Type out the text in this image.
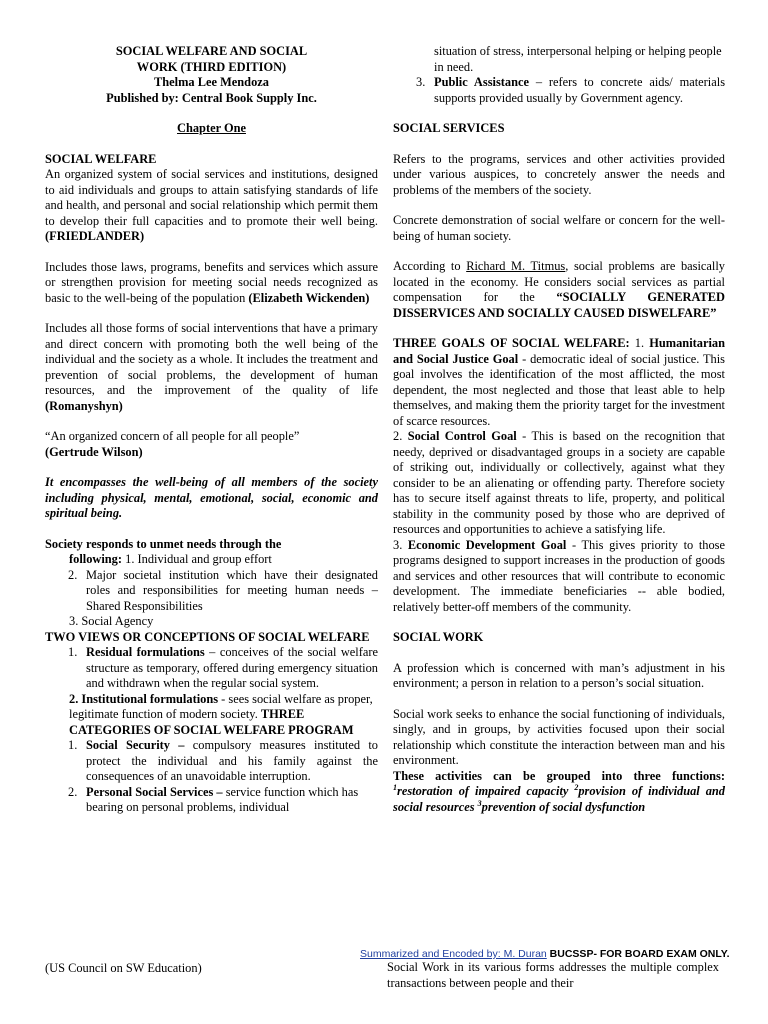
SOCIAL WELFARE AND SOCIAL

WORK (THIRD EDITION)

Thelma Lee Mendoza

Published by: Central Book Supply Inc.

Chapter One

SOCIAL WELFARE

An organized system of social services and institutions, designed to aid individuals and groups to attain satisfying standards of life and health, and personal and social relationship which permit them to develop their full capacities and to promote their well being.(FRIEDLANDER)

Includes those laws, programs, benefits and services which assure or strengthen provision for meeting social needs recognized as basic to the well-being of the population (Elizabeth Wickenden)

Includes all those forms of social interventions that have a primary and direct concern with promoting both the well being of the individual and the society as a whole. It includes the treatment and prevention of social problems, the development of human resources, and the improvement of the quality of life (Romanyshyn)

“An organized concern of all people for all people”

(Gertrude Wilson)

It encompasses the well-being of all members of the society including physical, mental, emotional, social, economic and spiritual being.

Society responds to unmet needs through the

following: 1. Individual and group effort

2. Major societal institution which have their designated roles and responsibilities for meeting human needs – Shared Responsibilities

3. Social Agency

TWO VIEWS OR CONCEPTIONS OF SOCIAL WELFARE

1. Residual formulations – conceives of the social welfare structure as temporary, offered during emergency situation and withdrawn when the regular social system.

2. Institutional formulations - sees social welfare as proper, legitimate function of modern society. THREE CATEGORIES OF SOCIAL WELFARE PROGRAM

1. Social Security – compulsory measures instituted to protect the individual and his family against the consequences of an unavoidable interruption.

2. Personal Social Services – service function which has bearing on personal problems, individual

situation of stress, interpersonal helping or helping people in need.

3. Public Assistance – refers to concrete aids/ materials supports provided usually by Government agency.

SOCIAL SERVICES

Refers to the programs, services and other activities provided under various auspices, to concretely answer the needs and problems of the members of the society.

Concrete demonstration of social welfare or concern for the well-being of human society.

According to Richard M. Titmus, social problems are basically located in the economy. He considers social services as partial compensation for the “SOCIALLY GENERATED DISSERVICES AND SOCIALLY CAUSED DISWELFARE”

THREE GOALS OF SOCIAL WELFARE: 1. Humanitarian and Social Justice Goal - democratic ideal of social justice. This goal involves the identification of the most afflicted, the most dependent, the most neglected and those that least able to help themselves, and making them the priority target for the investment of scarce resources.

2. Social Control Goal - This is based on the recognition that needy, deprived or disadvantaged groups in a society are capable of striking out, individually or collectively, against what they consider to be an alienating or offending party. Therefore society has to secure itself against threats to life, property, and political stability in the community posed by those who are deprived of resources and opportunities to achieve a satisfying life.

3. Economic Development Goal - This gives priority to those programs designed to support increases in the production of goods and services and other resources that will contribute to economic development. The immediate beneficiaries -- able bodied, relatively better-off members of the community.

SOCIAL WORK

A profession which is concerned with man’s adjustment in his environment; a person in relation to a person’s social situation.

Social work seeks to enhance the social functioning of individuals, singly, and in groups, by activities focused upon their social relationship which constitute the interaction between man and his environment.

These activities can be grouped into three functions: $^1$restoration of impaired capacity $^2$provision of individual and social resources $^3$prevention of social dysfunction

Summarized and Encoded by: M. Duran BUCSSP- FOR BOARD EXAM ONLY.
(US Council on SW Education)	Social Work in its various forms addresses the multiple complex transactions between people and their
